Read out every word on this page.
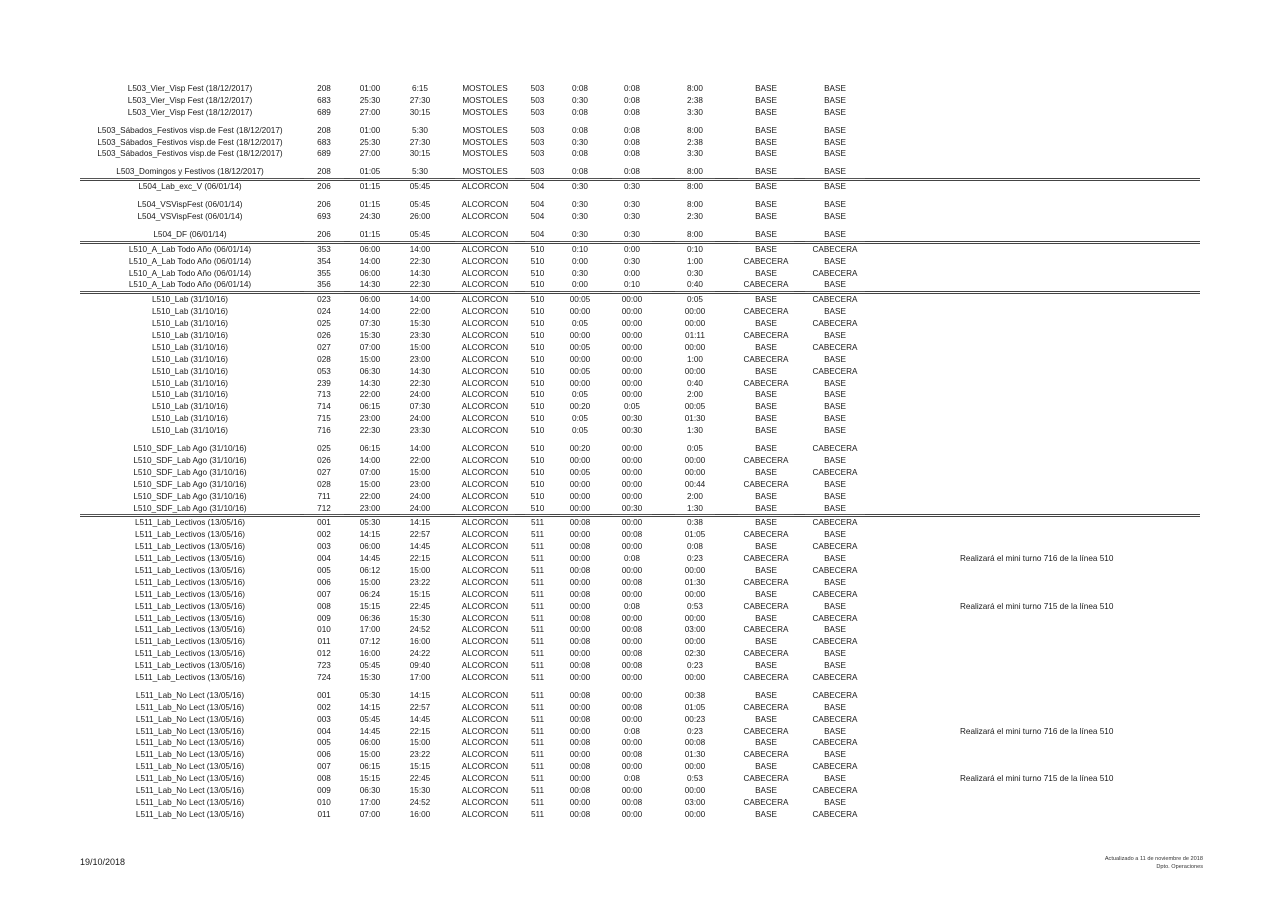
L503_Vier_Visp Fest (18/12/2017)	208	01:00	6:15	MOSTOLES	503	0:08	0:08	8:00	BASE	BASE
L503_Vier_Visp Fest (18/12/2017)	683	25:30	27:30	MOSTOLES	503	0:30	0:08	2:38	BASE	BASE
L503_Vier_Visp Fest (18/12/2017)	689	27:00	30:15	MOSTOLES	503	0:08	0:08	3:30	BASE	BASE
L503_Sábados_Festivos visp.de Fest (18/12/2017)	208	01:00	5:30	MOSTOLES	503	0:08	0:08	8:00	BASE	BASE
L503_Sábados_Festivos visp.de Fest (18/12/2017)	683	25:30	27:30	MOSTOLES	503	0:30	0:08	2:38	BASE	BASE
L503_Sábados_Festivos visp.de Fest (18/12/2017)	689	27:00	30:15	MOSTOLES	503	0:08	0:08	3:30	BASE	BASE
L503_Domingos y Festivos (18/12/2017)	208	01:05	5:30	MOSTOLES	503	0:08	0:08	8:00	BASE	BASE
L504_Lab_exc_V (06/01/14)	206	01:15	05:45	ALCORCON	504	0:30	0:30	8:00	BASE	BASE
L504_VSVispFest (06/01/14)	206	01:15	05:45	ALCORCON	504	0:30	0:30	8:00	BASE	BASE
L504_VSVispFest (06/01/14)	693	24:30	26:00	ALCORCON	504	0:30	0:30	2:30	BASE	BASE
L504_DF (06/01/14)	206	01:15	05:45	ALCORCON	504	0:30	0:30	8:00	BASE	BASE
L510_A_Lab Todo Año (06/01/14)	353	06:00	14:00	ALCORCON	510	0:10	0:00	0:10	BASE	CABECERA
L510_A_Lab Todo Año (06/01/14)	354	14:00	22:30	ALCORCON	510	0:00	0:30	1:00	CABECERA	BASE
L510_A_Lab Todo Año (06/01/14)	355	06:00	14:30	ALCORCON	510	0:30	0:00	0:30	BASE	CABECERA
L510_A_Lab Todo Año (06/01/14)	356	14:30	22:30	ALCORCON	510	0:00	0:10	0:40	CABECERA	BASE
L510_Lab (31/10/16)	023	06:00	14:00	ALCORCON	510	00:05	00:00	0:05	BASE	CABECERA
L510_Lab (31/10/16)	024	14:00	22:00	ALCORCON	510	00:00	00:00	00:00	CABECERA	BASE
L510_Lab (31/10/16)	025	07:30	15:30	ALCORCON	510	0:05	00:00	00:00	BASE	CABECERA
L510_Lab (31/10/16)	026	15:30	23:30	ALCORCON	510	00:00	00:00	01:11	CABECERA	BASE
L510_Lab (31/10/16)	027	07:00	15:00	ALCORCON	510	00:05	00:00	00:00	BASE	CABECERA
L510_Lab (31/10/16)	028	15:00	23:00	ALCORCON	510	00:00	00:00	1:00	CABECERA	BASE
L510_Lab (31/10/16)	053	06:30	14:30	ALCORCON	510	00:05	00:00	00:00	BASE	CABECERA
L510_Lab (31/10/16)	239	14:30	22:30	ALCORCON	510	00:00	00:00	0:40	CABECERA	BASE
L510_Lab (31/10/16)	713	22:00	24:00	ALCORCON	510	0:05	00:00	2:00	BASE	BASE
L510_Lab (31/10/16)	714	06:15	07:30	ALCORCON	510	00:20	0:05	00:05	BASE	BASE
L510_Lab (31/10/16)	715	23:00	24:00	ALCORCON	510	0:05	00:30	01:30	BASE	BASE
L510_Lab (31/10/16)	716	22:30	23:30	ALCORCON	510	0:05	00:30	1:30	BASE	BASE
L510_SDF_Lab Ago (31/10/16)	025	06:15	14:00	ALCORCON	510	00:20	00:00	0:05	BASE	CABECERA
L510_SDF_Lab Ago (31/10/16)	026	14:00	22:00	ALCORCON	510	00:00	00:00	00:00	CABECERA	BASE
L510_SDF_Lab Ago (31/10/16)	027	07:00	15:00	ALCORCON	510	00:05	00:00	00:00	BASE	CABECERA
L510_SDF_Lab Ago (31/10/16)	028	15:00	23:00	ALCORCON	510	00:00	00:00	00:44	CABECERA	BASE
L510_SDF_Lab Ago (31/10/16)	711	22:00	24:00	ALCORCON	510	00:00	00:00	2:00	BASE	BASE
L510_SDF_Lab Ago (31/10/16)	712	23:00	24:00	ALCORCON	510	00:00	00:30	1:30	BASE	BASE
L511_Lab_Lectivos (13/05/16)	001	05:30	14:15	ALCORCON	511	00:08	00:00	0:38	BASE	CABECERA
L511_Lab_Lectivos (13/05/16)	002	14:15	22:57	ALCORCON	511	00:00	00:08	01:05	CABECERA	BASE
L511_Lab_Lectivos (13/05/16)	003	06:00	14:45	ALCORCON	511	00:08	00:00	0:08	BASE	CABECERA
L511_Lab_Lectivos (13/05/16)	004	14:45	22:15	ALCORCON	511	00:00	0:08	0:23	CABECERA	BASE	Realizará el mini turno 716 de la línea 510
L511_Lab_Lectivos (13/05/16)	005	06:12	15:00	ALCORCON	511	00:08	00:00	00:00	BASE	CABECERA
L511_Lab_Lectivos (13/05/16)	006	15:00	23:22	ALCORCON	511	00:00	00:08	01:30	CABECERA	BASE
L511_Lab_Lectivos (13/05/16)	007	06:24	15:15	ALCORCON	511	00:08	00:00	00:00	BASE	CABECERA
L511_Lab_Lectivos (13/05/16)	008	15:15	22:45	ALCORCON	511	00:00	0:08	0:53	CABECERA	BASE	Realizará el mini turno 715 de la línea 510
L511_Lab_Lectivos (13/05/16)	009	06:36	15:30	ALCORCON	511	00:08	00:00	00:00	BASE	CABECERA
L511_Lab_Lectivos (13/05/16)	010	17:00	24:52	ALCORCON	511	00:00	00:08	03:00	CABECERA	BASE
L511_Lab_Lectivos (13/05/16)	011	07:12	16:00	ALCORCON	511	00:08	00:00	00:00	BASE	CABECERA
L511_Lab_Lectivos (13/05/16)	012	16:00	24:22	ALCORCON	511	00:00	00:08	02:30	CABECERA	BASE
L511_Lab_Lectivos (13/05/16)	723	05:45	09:40	ALCORCON	511	00:08	00:08	0:23	BASE	BASE
L511_Lab_Lectivos (13/05/16)	724	15:30	17:00	ALCORCON	511	00:00	00:00	00:00	CABECERA	CABECERA
L511_Lab_No Lect (13/05/16)	001	05:30	14:15	ALCORCON	511	00:08	00:00	00:38	BASE	CABECERA
L511_Lab_No Lect (13/05/16)	002	14:15	22:57	ALCORCON	511	00:00	00:08	01:05	CABECERA	BASE
L511_Lab_No Lect (13/05/16)	003	05:45	14:45	ALCORCON	511	00:08	00:00	00:23	BASE	CABECERA
L511_Lab_No Lect (13/05/16)	004	14:45	22:15	ALCORCON	511	00:00	0:08	0:23	CABECERA	BASE	Realizará el mini turno 716 de la línea 510
L511_Lab_No Lect (13/05/16)	005	06:00	15:00	ALCORCON	511	00:08	00:00	00:08	BASE	CABECERA
L511_Lab_No Lect (13/05/16)	006	15:00	23:22	ALCORCON	511	00:00	00:08	01:30	CABECERA	BASE
L511_Lab_No Lect (13/05/16)	007	06:15	15:15	ALCORCON	511	00:08	00:00	00:00	BASE	CABECERA
L511_Lab_No Lect (13/05/16)	008	15:15	22:45	ALCORCON	511	00:00	0:08	0:53	CABECERA	BASE	Realizará el mini turno 715 de la línea 510
L511_Lab_No Lect (13/05/16)	009	06:30	15:30	ALCORCON	511	00:08	00:00	00:00	BASE	CABECERA
L511_Lab_No Lect (13/05/16)	010	17:00	24:52	ALCORCON	511	00:00	00:08	03:00	CABECERA	BASE
L511_Lab_No Lect (13/05/16)	011	07:00	16:00	ALCORCON	511	00:08	00:00	00:00	BASE	CABECERA
19/10/2018	Actualizado a 11 de noviembre de 2018
Dpto. Operaciones
